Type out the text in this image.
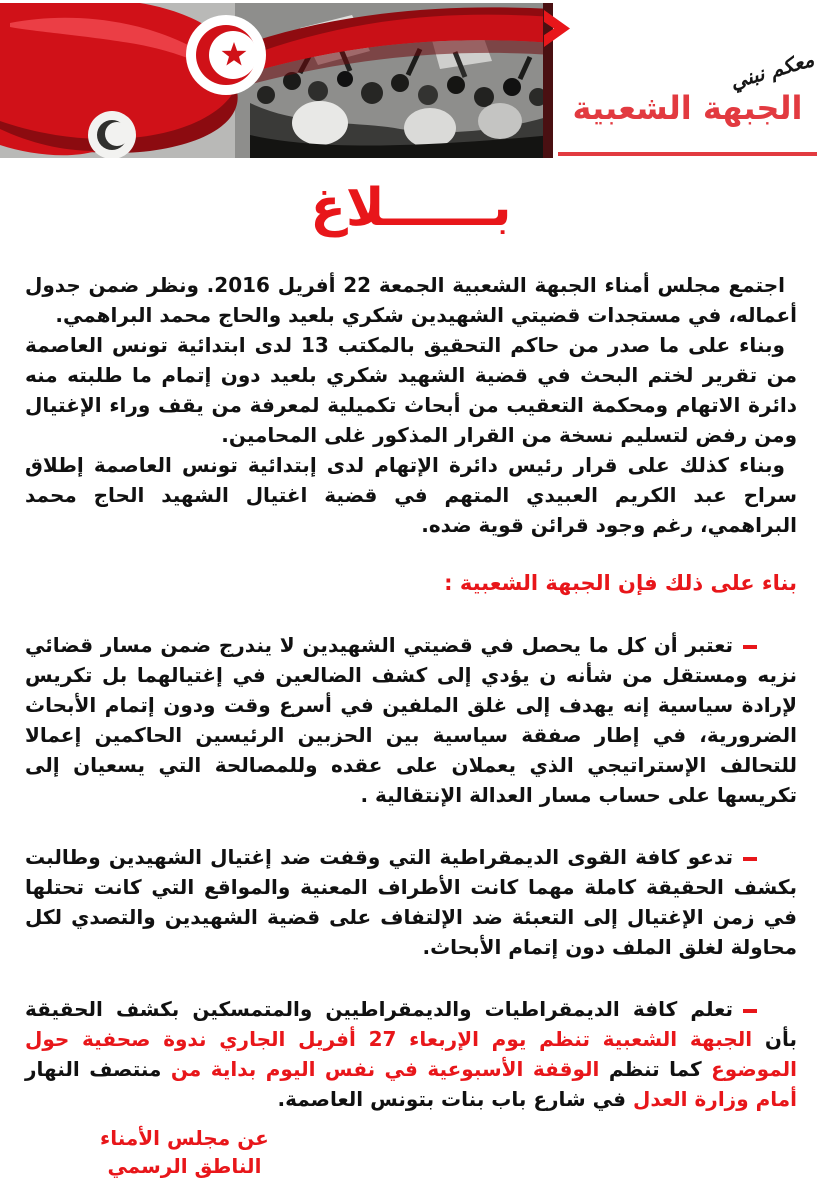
معكم نبني
الجبهة الشعبية
بــــــلاغ

اجتمع مجلس أمناء الجبهة الشعبية الجمعة 22 أفريل 2016. ونظر ضمن جدول أعماله، في مستجدات قضيتي الشهيدين شكري بلعيد والحاج محمد البراهمي.

وبناء على ما صدر من حاكم التحقيق بالمكتب 13 لدى ابتدائية تونس العاصمة من تقرير لختم البحث في قضية الشهيد شكري بلعيد دون إتمام ما طلبته منه دائرة الاتهام ومحكمة التعقيب من أبحاث تكميلية لمعرفة من يقف وراء الإغتيال ومن رفض لتسليم نسخة من القرار المذكور غلى المحامين.

وبناء كذلك على قرار رئيس دائرة الإتهام لدى إبتدائية تونس العاصمة إطلاق سراح عبد الكريم العبيدي المتهم في قضية اغتيال الشهيد الحاج محمد البراهمي، رغم وجود قرائن قوية ضده.

بناء على ذلك فإن الجبهة الشعبية :

تعتبر أن كل ما يحصل في قضيتي الشهيدين لا يندرج ضمن مسار قضائي نزيه ومستقل من شأنه ن يؤدي إلى كشف الضالعين في إغتيالهما بل تكريس لإرادة سياسية إنه يهدف إلى غلق الملفين في أسرع وقت ودون إتمام الأبحاث الضرورية، في إطار صفقة سياسية بين الحزبين الرئيسين الحاكمين إعمالا للتحالف الإستراتيجي الذي يعملان على عقده وللمصالحة التي يسعيان إلى تكريسها على حساب مسار العدالة الإنتقالية .

تدعو كافة القوى الديمقراطية التي وقفت ضد إغتيال الشهيدين وطالبت بكشف الحقيقة كاملة مهما كانت الأطراف المعنية والمواقع التي كانت تحتلها في زمن الإغتيال إلى التعبئة ضد الإلتفاف على قضية الشهيدين والتصدي لكل محاولة لغلق الملف دون إتمام الأبحاث.

تعلم كافة الديمقراطيات والديمقراطيين والمتمسكين بكشف الحقيقة بأن الجبهة الشعبية تنظم يوم الإربعاء 27 أفريل الجاري ندوة صحفية حول الموضوع كما تنظم الوقفة الأسبوعية في نفس اليوم بداية من منتصف النهار أمام وزارة العدل في شارع باب بنات بتونس العاصمة.

عن مجلس الأمناء
الناطق الرسمي
